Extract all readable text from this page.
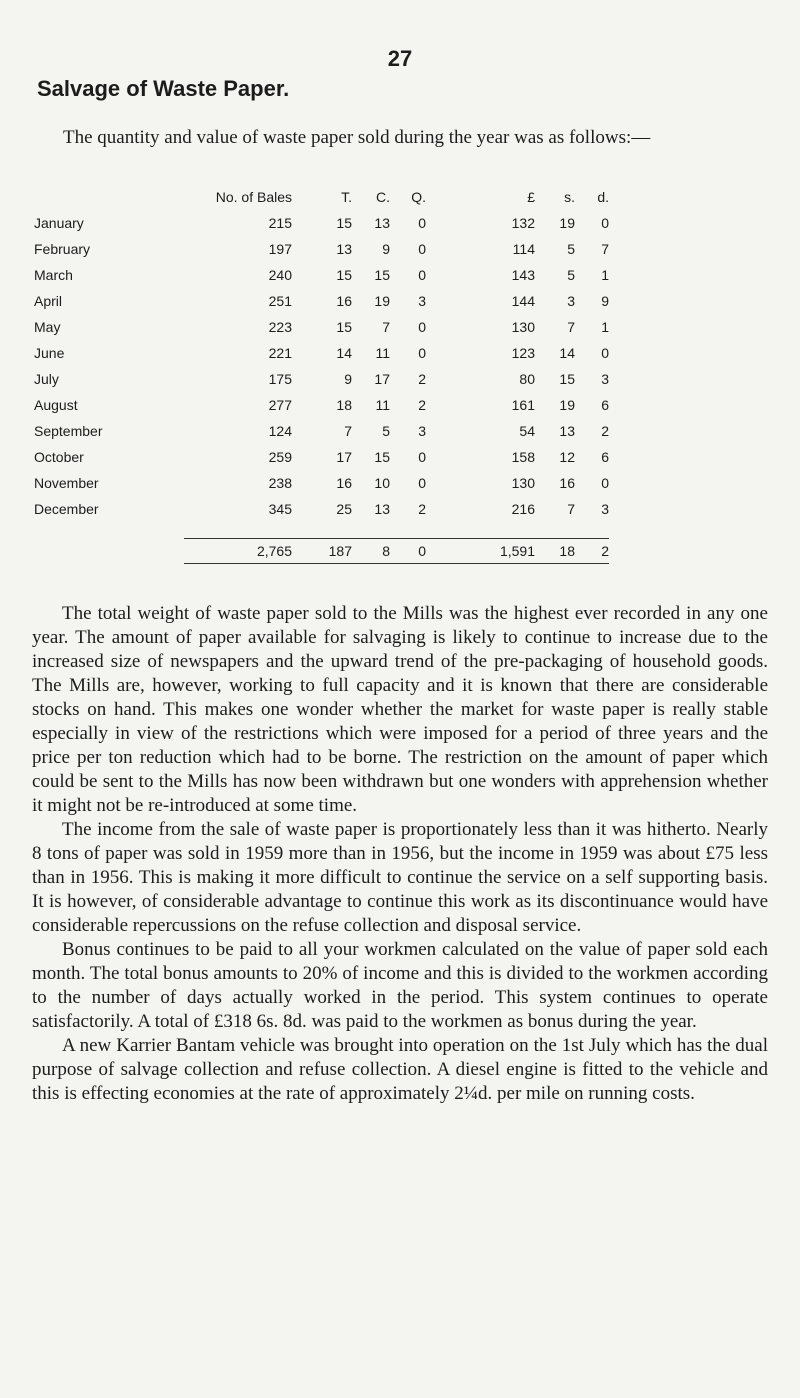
27
Salvage of Waste Paper.

The quantity and value of waste paper sold during the year was as follows:—

	No. of Bales	T.	C.	Q.	£	s.	d.
January	215	15	13	0	132	19	0
February	197	13	9	0	114	5	7
March	240	15	15	0	143	5	1
April	251	16	19	3	144	3	9
May	223	15	7	0	130	7	1
June	221	14	11	0	123	14	0
July	175	9	17	2	80	15	3
August	277	18	11	2	161	19	6
September	124	7	5	3	54	13	2
October	259	17	15	0	158	12	6
November	238	16	10	0	130	16	0
December	345	25	13	2	216	7	3

	2,765	187	8	0	1,591	18	2

The total weight of waste paper sold to the Mills was the highest ever recorded in any one year. The amount of paper available for salvaging is likely to continue to increase due to the increased size of newspapers and the upward trend of the pre-packaging of household goods. The Mills are, however, working to full capacity and it is known that there are considerable stocks on hand. This makes one wonder whether the market for waste paper is really stable especially in view of the restrictions which were imposed for a period of three years and the price per ton reduction which had to be borne. The restriction on the amount of paper which could be sent to the Mills has now been withdrawn but one wonders with apprehension whether it might not be re-introduced at some time.

The income from the sale of waste paper is proportionately less than it was hitherto. Nearly 8 tons of paper was sold in 1959 more than in 1956, but the income in 1959 was about £75 less than in 1956. This is making it more difficult to continue the service on a self supporting basis. It is however, of considerable advantage to continue this work as its discontinuance would have considerable repercussions on the refuse collection and disposal service.

Bonus continues to be paid to all your workmen calculated on the value of paper sold each month. The total bonus amounts to 20% of income and this is divided to the workmen according to the number of days actually worked in the period. This system continues to operate satisfactorily. A total of £318 6s. 8d. was paid to the workmen as bonus during the year.

A new Karrier Bantam vehicle was brought into operation on the 1st July which has the dual purpose of salvage collection and refuse collection. A diesel engine is fitted to the vehicle and this is effecting economies at the rate of approximately 2¼d. per mile on running costs.
